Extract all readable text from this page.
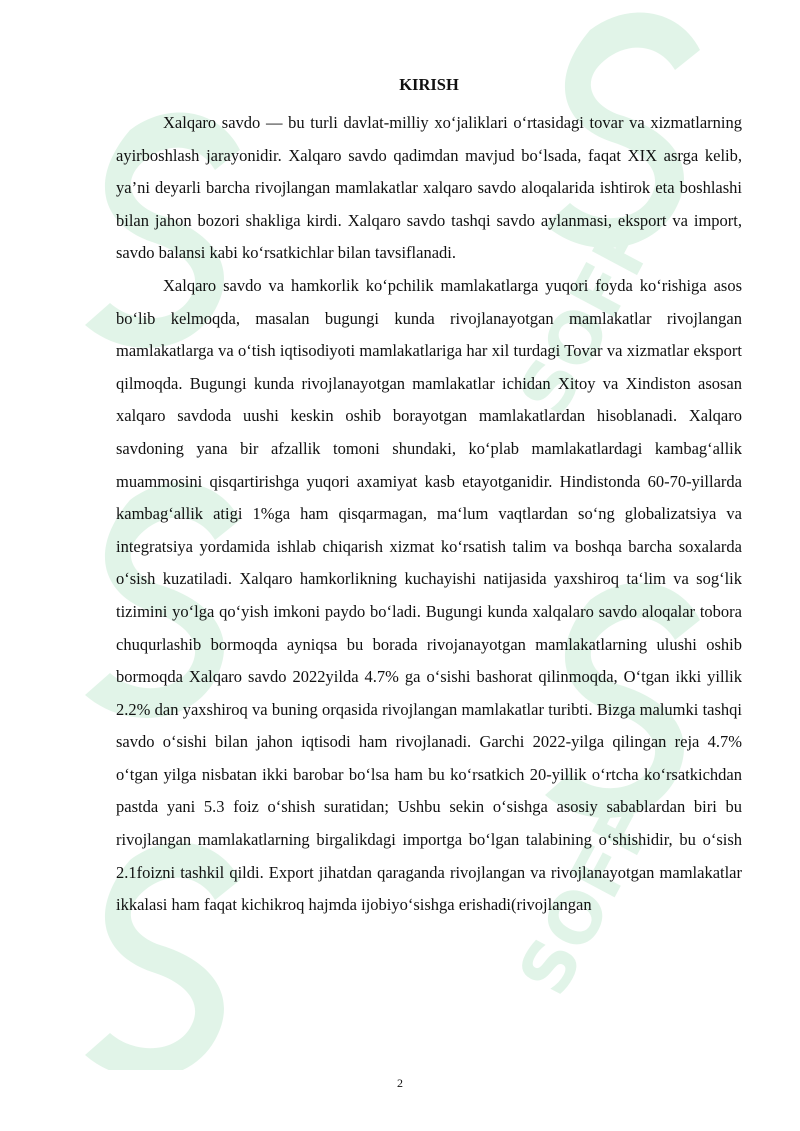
SOFF
SOFF

KIRISH

Xalqaro savdo — bu turli davlat-milliy xo‘jaliklari o‘rtasidagi tovar va xizmatlarning ayirboshlash jarayonidir. Xalqaro savdo qadimdan mavjud bo‘lsada, faqat XIX asrga kelib, ya’ni deyarli barcha rivojlangan mamlakatlar xalqaro savdo aloqalarida ishtirok eta boshlashi bilan jahon bozori shakliga kirdi. Xalqaro savdo tashqi savdo aylanmasi, eksport va import, savdo balansi kabi ko‘rsatkichlar bilan tavsiflanadi.

Xalqaro savdo va hamkorlik ko‘pchilik mamlakatlarga yuqori foyda ko‘rishiga asos bo‘lib kelmoqda, masalan bugungi kunda rivojlanayotgan mamlakatlar rivojlangan mamlakatlarga va o‘tish iqtisodiyoti mamlakatlariga har xil turdagi Tovar va xizmatlar eksport qilmoqda. Bugungi kunda rivojlanayotgan mamlakatlar ichidan Xitoy va Xindiston asosan xalqaro savdoda uushi keskin oshib borayotgan mamlakatlardan hisoblanadi. Xalqaro savdoning yana bir afzallik tomoni shundaki, ko‘plab mamlakatlardagi kambag‘allik muammosini qisqartirishga yuqori axamiyat kasb etayotganidir. Hindistonda 60-70-yillarda kambag‘allik atigi 1%ga ham qisqarmagan, ma‘lum vaqtlardan so‘ng globalizatsiya va integratsiya yordamida ishlab chiqarish xizmat ko‘rsatish talim va boshqa barcha soxalarda o‘sish kuzatiladi. Xalqaro hamkorlikning kuchayishi natijasida yaxshiroq ta‘lim va sog‘lik tizimini yo‘lga qo‘yish imkoni paydo bo‘ladi. Bugungi kunda xalqalaro savdo aloqalar tobora chuqurlashib bormoqda ayniqsa bu borada rivojanayotgan mamlakatlarning ulushi oshib bormoqda Xalqaro savdo 2022yilda 4.7% ga o‘sishi bashorat qilinmoqda, O‘tgan ikki yillik 2.2% dan yaxshiroq va buning orqasida rivojlangan mamlakatlar turibti. Bizga malumki tashqi savdo o‘sishi bilan jahon iqtisodi ham rivojlanadi. Garchi 2022-yilga qilingan reja 4.7% o‘tgan yilga nisbatan ikki barobar bo‘lsa ham bu ko‘rsatkich 20-yillik o‘rtcha ko‘rsatkichdan pastda yani 5.3 foiz o‘shish suratidan; Ushbu sekin o‘sishga asosiy sabablardan biri bu rivojlangan mamlakatlarning birgalikdagi importga bo‘lgan talabining o‘shishidir, bu o‘sish 2.1foizni tashkil qildi. Export jihatdan qaraganda rivojlangan va rivojlanayotgan mamlakatlar ikkalasi ham faqat kichikroq hajmda ijobiyo‘sishga erishadi(rivojlangan

2
